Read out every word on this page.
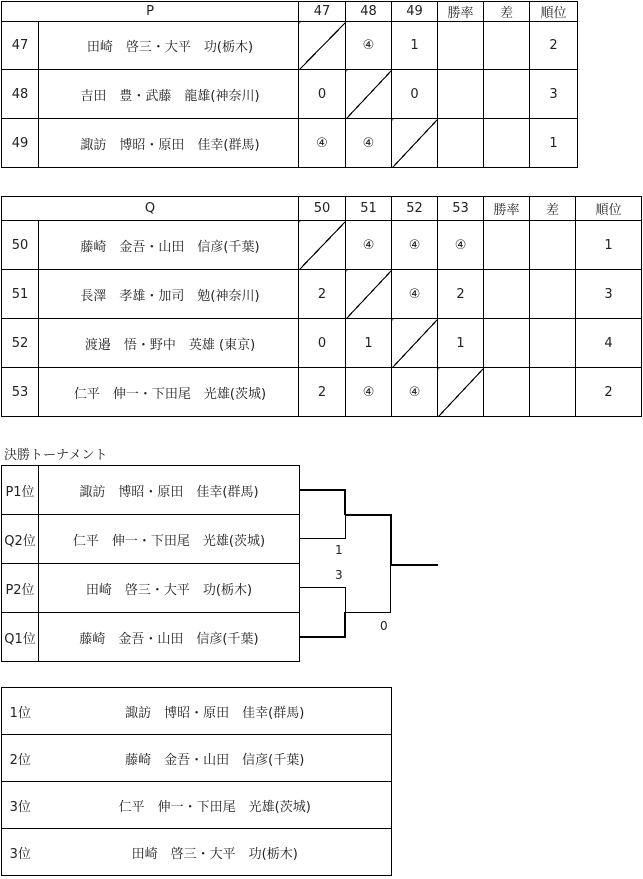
P		47	48	49	勝率	差	順位
47	田崎　啓三・大平　功(栃木)		④	1			2
48	吉田　豊・武藤　龍雄(神奈川)	0		0			3
49	諏訪　博昭・原田　佳幸(群馬)	④	④				1
Q		50	51	52	53	勝率	差	順位
50	藤崎　金吾・山田　信彦(千葉)		④	④	④			1
51	長澤　孝雄・加司　勉(神奈川)	2		④	2			3
52	渡邉　悟・野中　英雄 (東京)	0	1		1			4
53	仁平　伸一・下田尾　光雄(茨城)	2	④	④				2
決勝トーナメント
P1位	諏訪　博昭・原田　佳幸(群馬)
Q2位	仁平　伸一・下田尾　光雄(茨城)
P2位	田崎　啓三・大平　功(栃木)
Q1位	藤崎　金吾・山田　信彦(千葉)
1
3
0
1位	諏訪　博昭・原田　佳幸(群馬)
2位	藤崎　金吾・山田　信彦(千葉)
3位	仁平　伸一・下田尾　光雄(茨城)
3位	田崎　啓三・大平　功(栃木)
